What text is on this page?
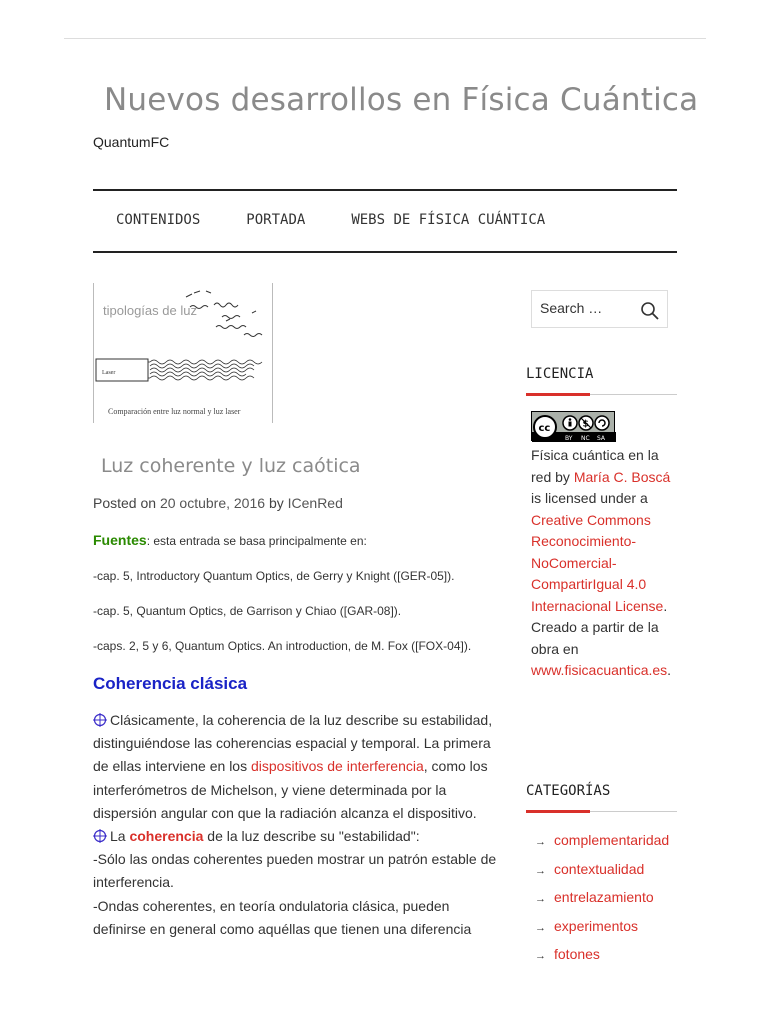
Nuevos desarrollos en Física Cuántica
QuantumFC
CONTENIDOS	PORTADA	WEBS DE FÍSICA CUÁNTICA
Laser
tipologías de luz
Comparación entre luz normal y luz laser
Luz coherente y luz caótica
Posted on 20 octubre, 2016 by ICenRed
Fuentes: esta entrada se basa principalmente en:
-cap. 5, Introductory Quantum Optics, de Gerry y Knight ([GER-05]).
-cap. 5, Quantum Optics, de Garrison y Chiao ([GAR-08]).
-caps. 2, 5 y 6, Quantum Optics. An introduction, de M. Fox ([FOX-04]).
Coherencia clásica
Clásicamente, la coherencia de la luz describe su estabilidad, distinguiéndose las coherencias espacial y temporal. La primera de ellas interviene en los dispositivos de interferencia, como los interferómetros de Michelson, y viene determinada por la dispersión angular con que la radiación alcanza el dispositivo.
La coherencia de la luz describe su "estabilidad":
-Sólo las ondas coherentes pueden mostrar un patrón estable de interferencia.
-Ondas coherentes, en teoría ondulatoria clásica, pueden definirse en general como aquéllas que tienen una diferencia
Search …
LICENCIA
cc	$
BY NC SA
Física cuántica en la red by María C. Boscá is licensed under a Creative Commons Reconocimiento-NoComercial-CompartirIgual 4.0 Internacional License.
Creado a partir de la obra en www.fisicacuantica.es.
CATEGORÍAS
→ complementaridad
→ contextualidad
→ entrelazamiento
→ experimentos
→ fotones
